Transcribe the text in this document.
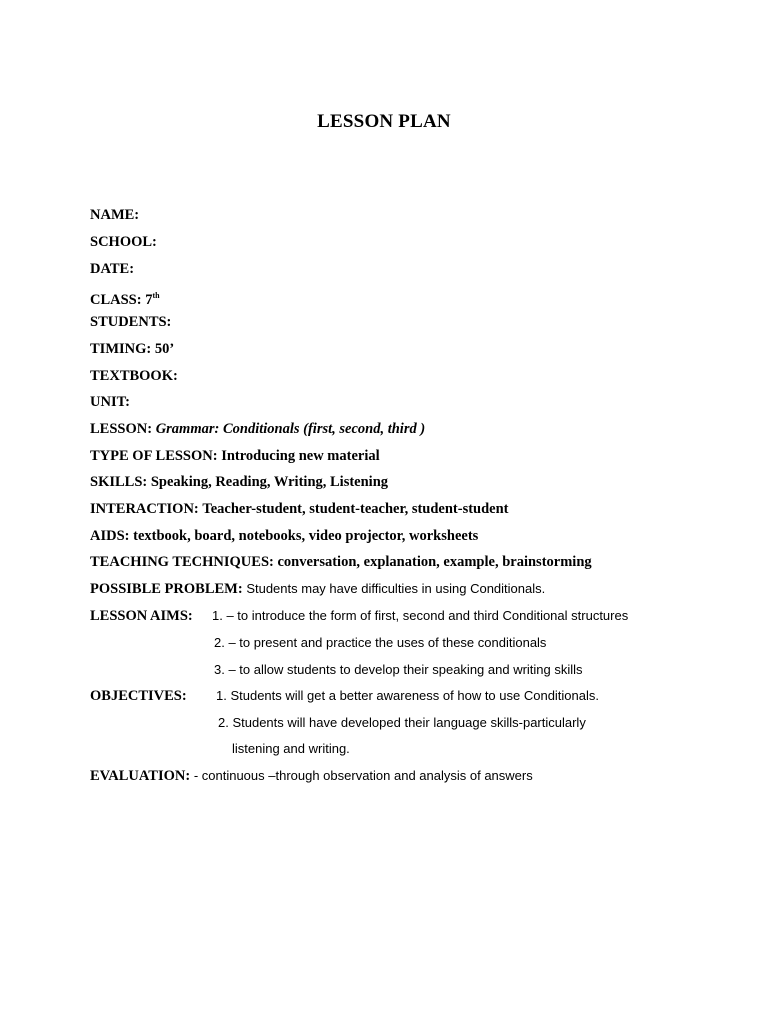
LESSON PLAN
NAME:
SCHOOL:
DATE:
CLASS: 7th
STUDENTS:
TIMING: 50’
TEXTBOOK:
UNIT:
LESSON: Grammar: Conditionals (first, second, third )
TYPE OF LESSON: Introducing new material
SKILLS: Speaking, Reading, Writing, Listening
INTERACTION: Teacher-student, student-teacher, student-student
AIDS: textbook, board, notebooks, video projector, worksheets
TEACHING TECHNIQUES: conversation, explanation, example, brainstorming
POSSIBLE PROBLEM: Students may have difficulties in using Conditionals.
LESSON AIMS: 1. – to introduce the form of first, second and third Conditional structures
2. – to present and practice the uses of these conditionals
3. – to allow students to develop their speaking and writing skills
OBJECTIVES: 1. Students will get a better awareness of how to use Conditionals.
2. Students will have developed their language skills-particularly
listening and writing.
EVALUATION: - continuous –through observation and analysis of answers
